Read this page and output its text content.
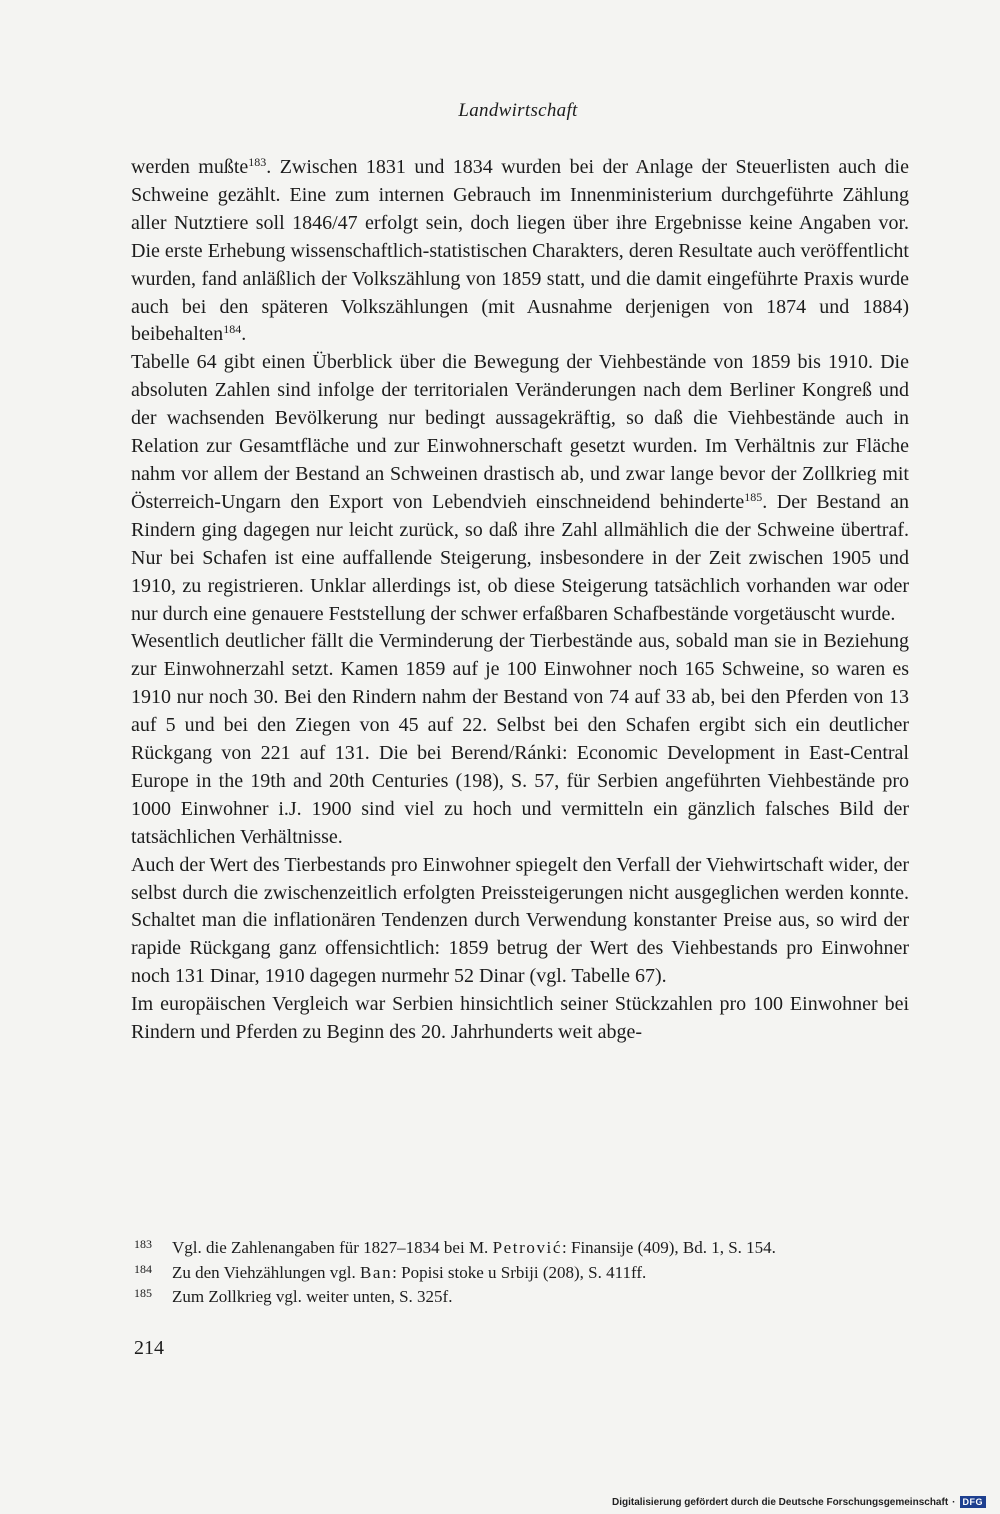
Landwirtschaft

werden mußte$^{183}$. Zwischen 1831 und 1834 wurden bei der Anlage der Steuerlisten auch die Schweine gezählt. Eine zum internen Gebrauch im Innenministerium durchgeführte Zählung aller Nutztiere soll 1846/47 erfolgt sein, doch liegen über ihre Ergebnisse keine Angaben vor. Die erste Erhebung wissenschaftlich-statistischen Charakters, deren Resultate auch veröffentlicht wurden, fand anläßlich der Volkszählung von 1859 statt, und die damit eingeführte Praxis wurde auch bei den späteren Volkszählungen (mit Ausnahme derjenigen von 1874 und 1884) beibehalten$^{184}$.

Tabelle 64 gibt einen Überblick über die Bewegung der Viehbestände von 1859 bis 1910. Die absoluten Zahlen sind infolge der territorialen Veränderungen nach dem Berliner Kongreß und der wachsenden Bevölkerung nur bedingt aussagekräftig, so daß die Viehbestände auch in Relation zur Gesamtfläche und zur Einwohnerschaft gesetzt wurden. Im Verhältnis zur Fläche nahm vor allem der Bestand an Schweinen drastisch ab, und zwar lange bevor der Zollkrieg mit Österreich-Ungarn den Export von Lebendvieh einschneidend behinderte$^{185}$. Der Bestand an Rindern ging dagegen nur leicht zurück, so daß ihre Zahl allmählich die der Schweine übertraf. Nur bei Schafen ist eine auffallende Steigerung, insbesondere in der Zeit zwischen 1905 und 1910, zu registrieren. Unklar allerdings ist, ob diese Steigerung tatsächlich vorhanden war oder nur durch eine genauere Feststellung der schwer erfaßbaren Schafbestände vorgetäuscht wurde.

Wesentlich deutlicher fällt die Verminderung der Tierbestände aus, sobald man sie in Beziehung zur Einwohnerzahl setzt. Kamen 1859 auf je 100 Einwohner noch 165 Schweine, so waren es 1910 nur noch 30. Bei den Rindern nahm der Bestand von 74 auf 33 ab, bei den Pferden von 13 auf 5 und bei den Ziegen von 45 auf 22. Selbst bei den Schafen ergibt sich ein deutlicher Rückgang von 221 auf 131. Die bei Berend/Ránki: Economic Development in East-Central Europe in the 19th and 20th Centuries (198), S. 57, für Serbien angeführten Viehbestände pro 1000 Einwohner i.J. 1900 sind viel zu hoch und vermitteln ein gänzlich falsches Bild der tatsächlichen Verhältnisse.

Auch der Wert des Tierbestands pro Einwohner spiegelt den Verfall der Viehwirtschaft wider, der selbst durch die zwischenzeitlich erfolgten Preissteigerungen nicht ausgeglichen werden konnte. Schaltet man die inflationären Tendenzen durch Verwendung konstanter Preise aus, so wird der rapide Rückgang ganz offensichtlich: 1859 betrug der Wert des Viehbestands pro Einwohner noch 131 Dinar, 1910 dagegen nurmehr 52 Dinar (vgl. Tabelle 67).

Im europäischen Vergleich war Serbien hinsichtlich seiner Stückzahlen pro 100 Einwohner bei Rindern und Pferden zu Beginn des 20. Jahrhunderts weit abge-

183	Vgl. die Zahlenangaben für 1827–1834 bei M. Petrović: Finansije (409), Bd. 1, S. 154.
184	Zu den Viehzählungen vgl. Ban: Popisi stoke u Srbiji (208), S. 411ff.
185	Zum Zollkrieg vgl. weiter unten, S. 325f.
214
Digitalisierung gefördert durch die Deutsche Forschungsgemeinschaft · DFG
